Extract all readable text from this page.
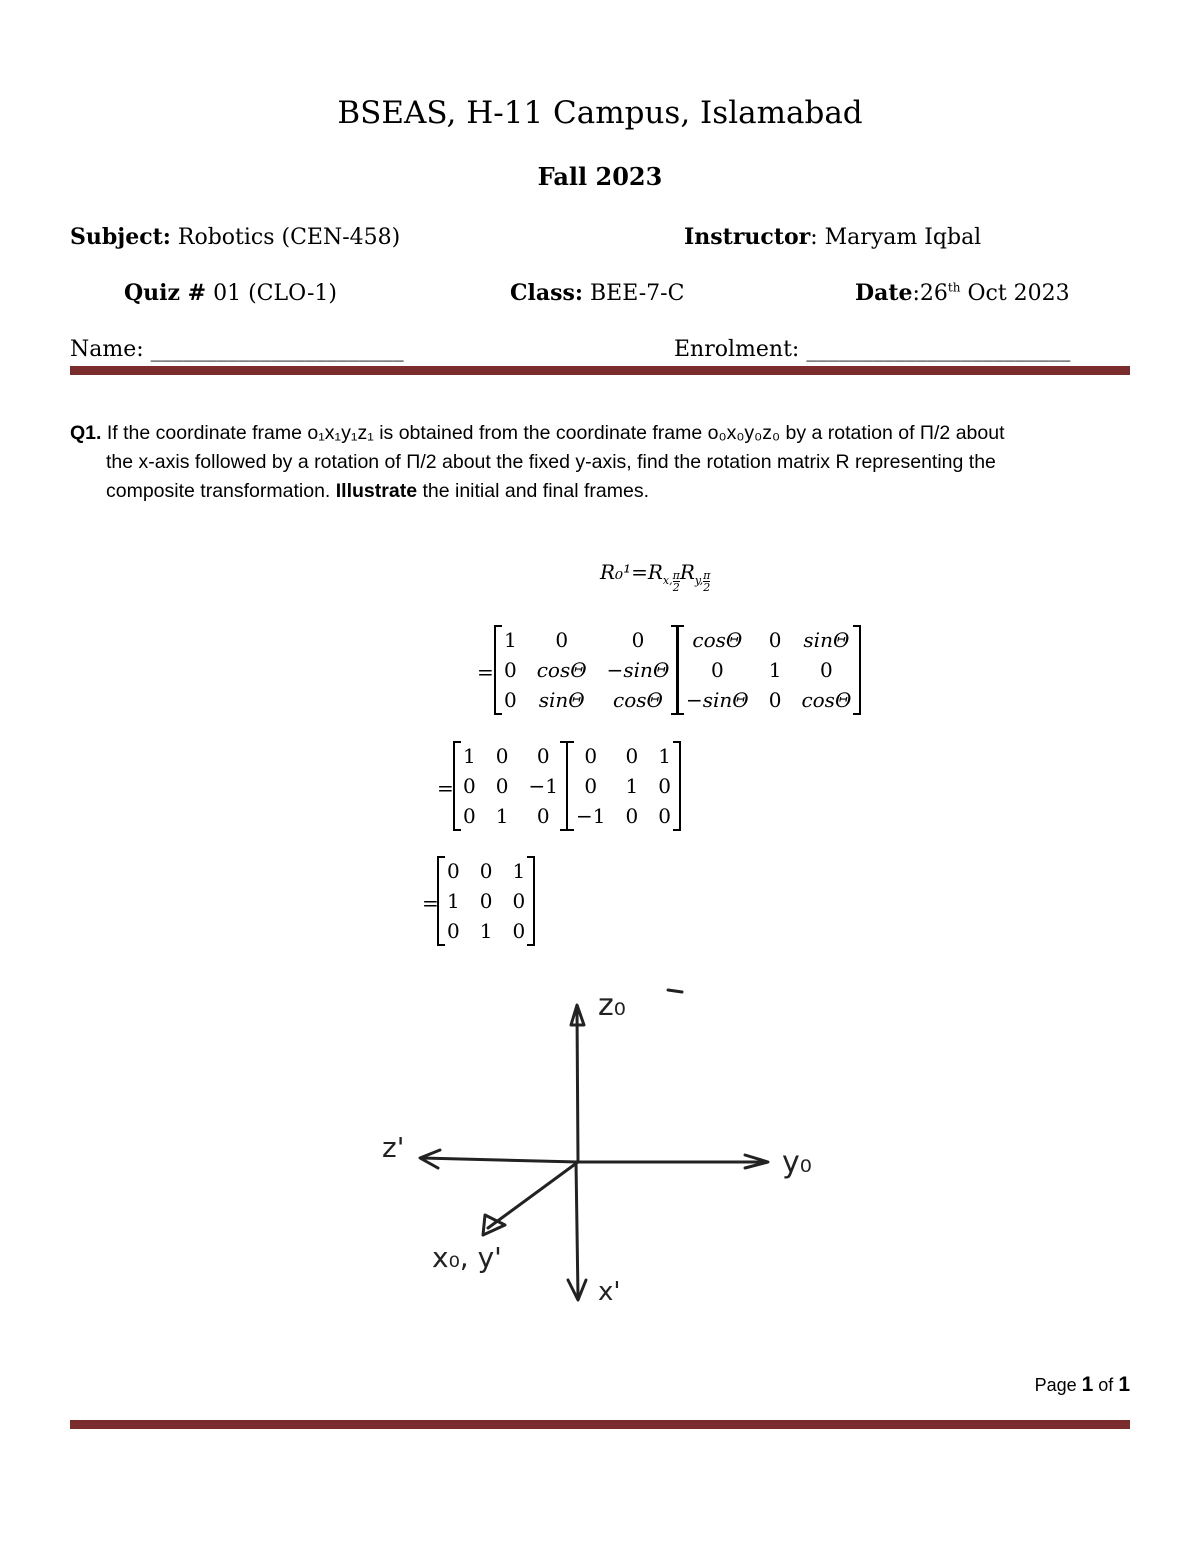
BSEAS, H-11 Campus, Islamabad
Fall 2023
Subject: Robotics (CEN-458)	Instructor: Maryam Iqbal
Quiz # 01 (CLO-1)	Class: BEE-7-C	Date:26th Oct 2023
Name: _______________________	Enrolment: ________________________
Q1. If the coordinate frame o₁x₁y₁z₁ is obtained from the coordinate frame o₀x₀y₀z₀ by a rotation of Π/2 about
the x-axis followed by a rotation of Π/2 about the fixed y-axis, find the rotation matrix R representing the
composite transformation. Illustrate the initial and final frames.
$R_0^1=R_{x, \frac{\pi}{2}}$ $R_{y, \frac{\pi}{2}}$
=
1	0	0
0	cosΘ	−sinΘ
0	sinΘ	cosΘ
cosΘ	0	sinΘ
0	1	0
−sinΘ	0	cosΘ
=
1	0	0
0	0	−1
0	1	0
0	0	1
0	1	0
−1	0	0
=
0	0	1
1	0	0
0	1	0
z₀
y₀
z'
x₀, y'
x'
Page 1 of 1
